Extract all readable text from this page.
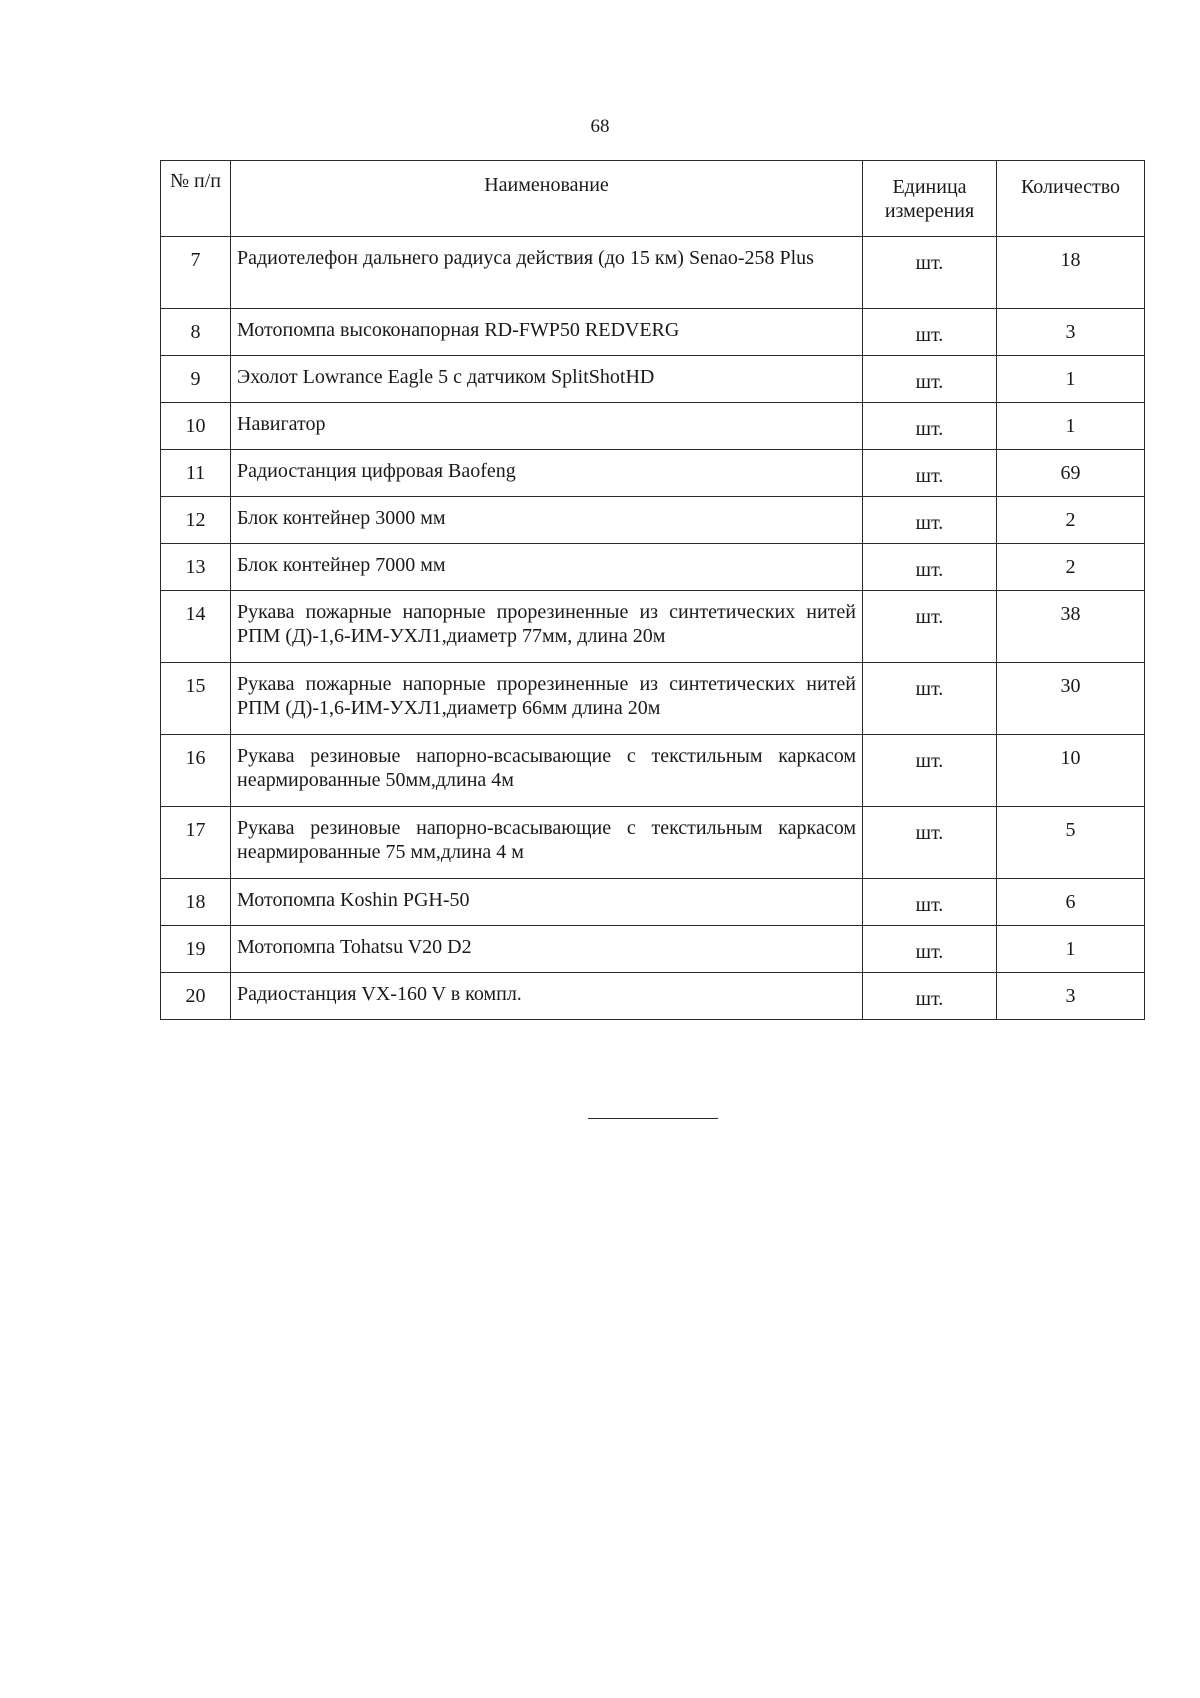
68
№ п/п	Наименование	Единица измерения	Количество
7	Радиотелефон дальнего радиуса действия (до 15 км) Senao-258 Plus	шт.	18
8	Мотопомпа высоконапорная RD-FWP50 REDVERG	шт.	3
9	Эхолот Lowrance Eagle 5 с датчиком SplitShotHD	шт.	1
10	Навигатор	шт.	1
11	Радиостанция цифровая Baofeng	шт.	69
12	Блок контейнер 3000 мм	шт.	2
13	Блок контейнер 7000 мм	шт.	2
14	Рукава пожарные напорные прорезиненные из синтетических нитей РПМ (Д)-1,6-ИМ-УХЛ1,диаметр 77мм, длина 20м	шт.	38
15	Рукава пожарные напорные прорезиненные из синтетических нитей РПМ (Д)-1,6-ИМ-УХЛ1,диаметр 66мм длина 20м	шт.	30
16	Рукава резиновые напорно-всасывающие с текстильным каркасом неармированные 50мм,длина 4м	шт.	10
17	Рукава резиновые напорно-всасывающие с текстильным каркасом неармированные 75 мм,длина 4 м	шт.	5
18	Мотопомпа Koshin PGH-50	шт.	6
19	Мотопомпа Tohatsu V20 D2	шт.	1
20	Радиостанция VX-160 V в компл.	шт.	3
